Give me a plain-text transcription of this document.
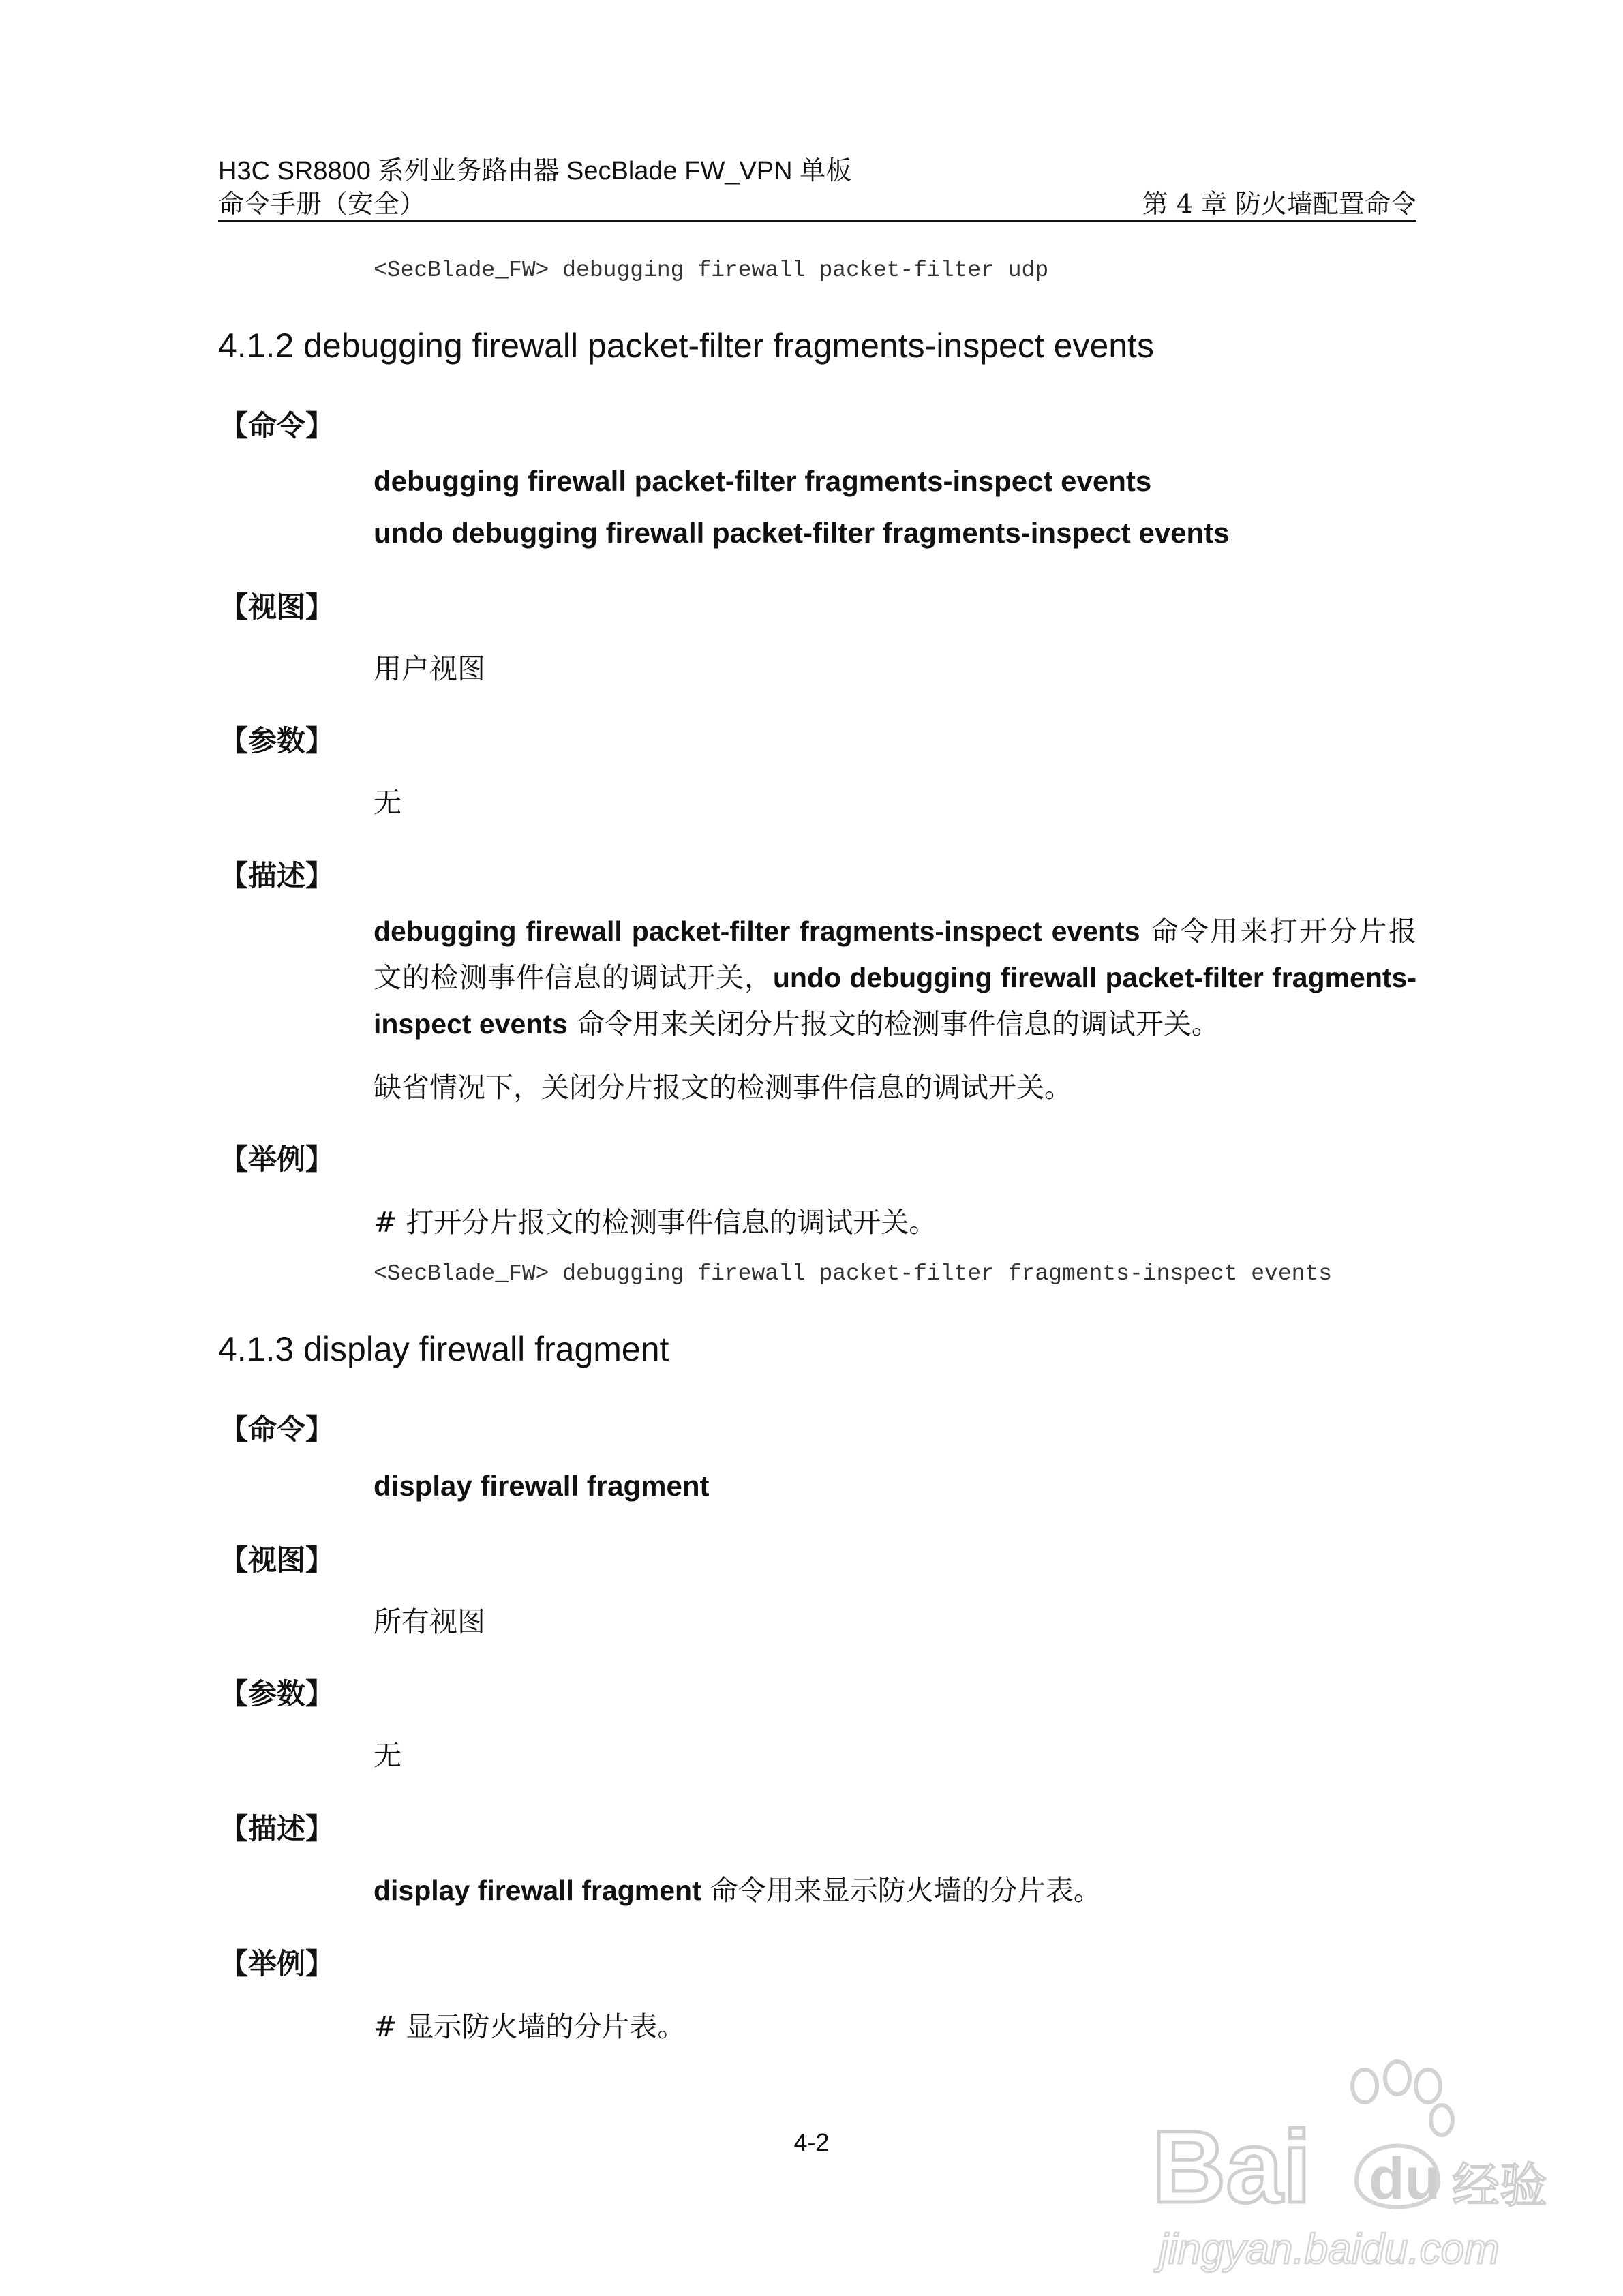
H3C SR8800 系列业务路由器 SecBlade FW_VPN 单板
命令手册（安全）	第 4 章 防火墙配置命令
<SecBlade_FW> debugging firewall packet-filter udp
4.1.2 debugging firewall packet-filter fragments-inspect events
【命令】
debugging firewall packet-filter fragments-inspect events
undo debugging firewall packet-filter fragments-inspect events
【视图】
用户视图
【参数】
无
【描述】
debugging firewall packet-filter fragments-inspect events 命令用来打开分片报文的检测事件信息的调试开关，undo debugging firewall packet-filter fragments-inspect events 命令用来关闭分片报文的检测事件信息的调试开关。
缺省情况下，关闭分片报文的检测事件信息的调试开关。
【举例】
# 打开分片报文的检测事件信息的调试开关。
<SecBlade_FW> debugging firewall packet-filter fragments-inspect events
4.1.3 display firewall fragment
【命令】
display firewall fragment
【视图】
所有视图
【参数】
无
【描述】
display firewall fragment 命令用来显示防火墙的分片表。
【举例】
# 显示防火墙的分片表。
4-2	Bai du 经验
jingyan.baidu.com
